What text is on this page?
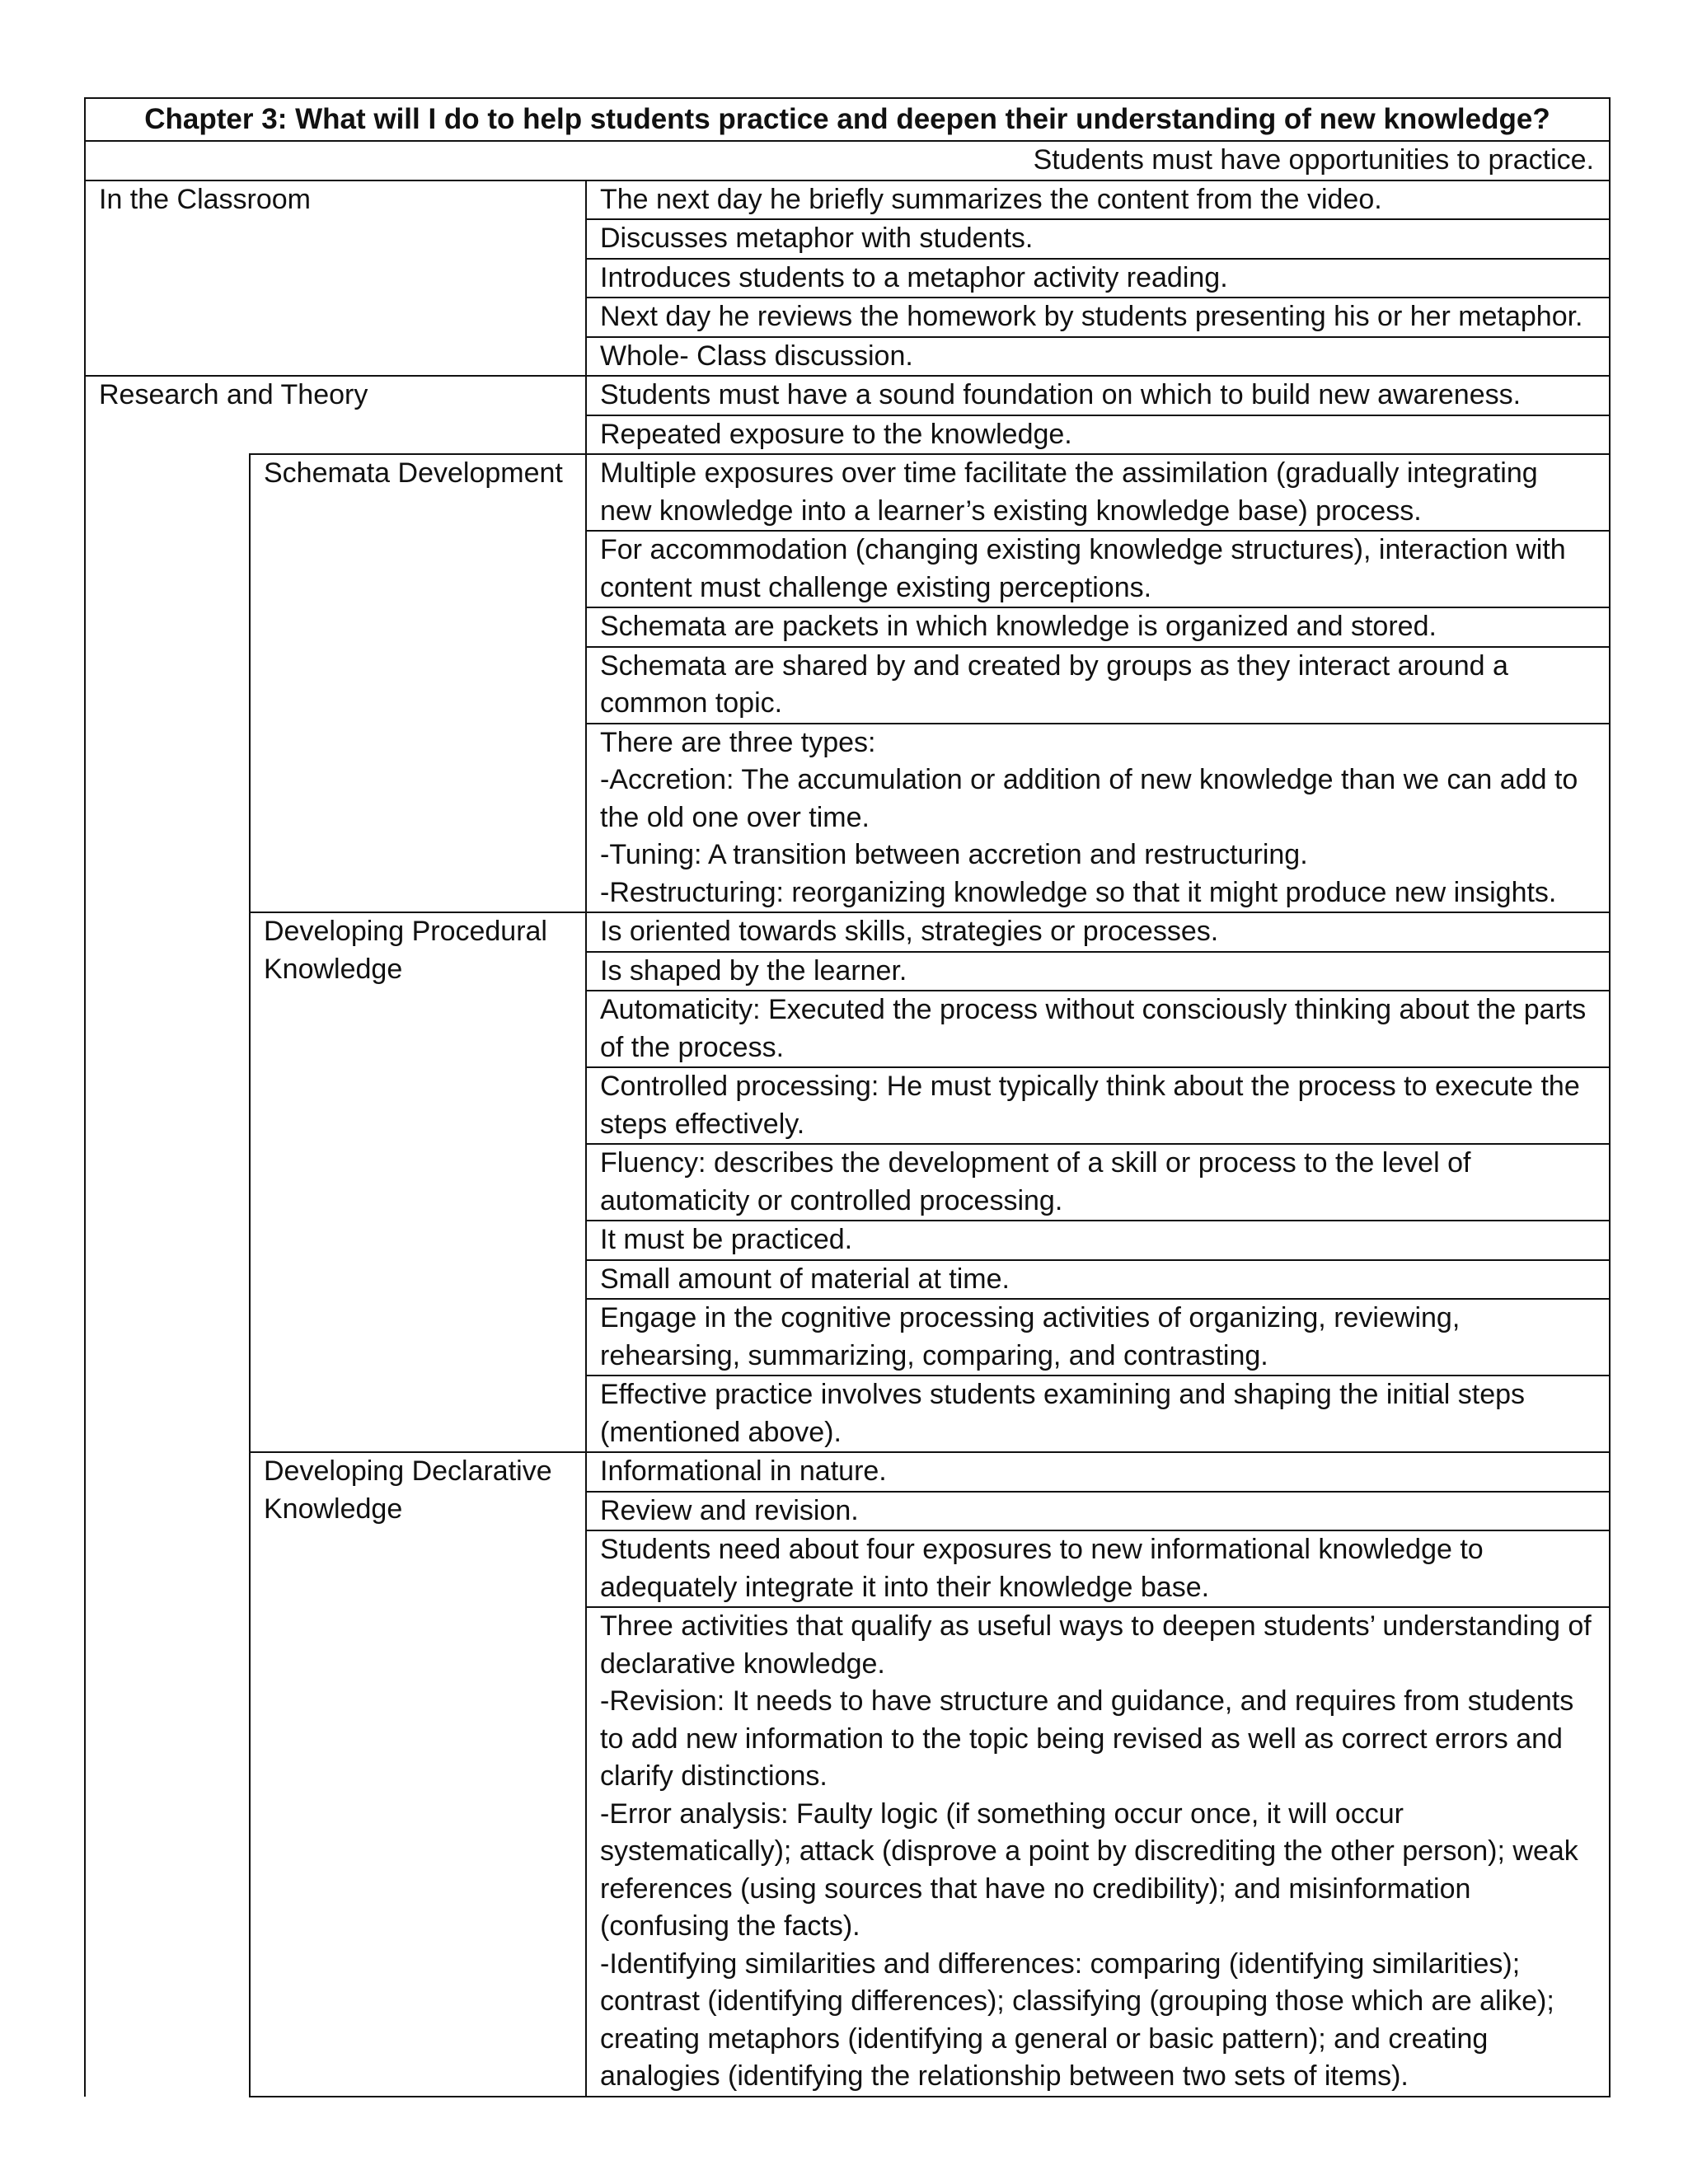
Chapter 3: What will I do to help students practice and deepen their understanding of new knowledge?		
Students must have opportunities to practice.		
In the Classroom		The next day he briefly summarizes the content from the video.
		Discusses metaphor with students.
		Introduces students to a metaphor activity reading.
		Next day he reviews the homework by students presenting his or her metaphor.
		Whole- Class discussion.
Research and Theory		Students must have a sound foundation on which to build new awareness.
		Repeated exposure to the knowledge.
	Schemata Development	Multiple exposures over time facilitate the assimilation (gradually integrating new knowledge into a learner’s existing knowledge base) process.
		For accommodation (changing existing knowledge structures), interaction with content must challenge existing perceptions.
		Schemata are packets in which knowledge is organized and stored.
		Schemata are shared by and created by groups as they interact around a common topic.

		There are three types:
-Accretion: The accumulation or addition of new knowledge than we can add to the old one over time.
-Tuning: A transition between accretion and restructuring.
-Restructuring: reorganizing knowledge so that it might produce new insights.

	Developing Procedural Knowledge	Is oriented towards skills, strategies or processes.
		Is shaped by the learner.
		Automaticity: Executed the process without consciously thinking about the parts of the process.
		Controlled processing: He must typically think about the process to execute the steps effectively.
		Fluency: describes the development of a skill or process to the level of automaticity or controlled processing.
		It must be practiced.
		Small amount of material at time.
		Engage in the cognitive processing activities of organizing, reviewing, rehearsing, summarizing, comparing, and contrasting.
		Effective practice involves students examining and shaping the initial steps (mentioned above).
	Developing Declarative Knowledge	Informational in nature.
		Review and revision.
		Students need about four exposures to new informational knowledge to adequately integrate it into their knowledge base.

		Three activities that qualify as useful ways to deepen students’ understanding of declarative knowledge.
-Revision: It needs to have structure and guidance, and requires from students to add new information to the topic being revised as well as correct errors and clarify distinctions.
-Error analysis: Faulty logic (if something occur once, it will occur systematically); attack (disprove a point by discrediting the other person); weak references (using sources that have no credibility); and misinformation (confusing the facts).
-Identifying similarities and differences: comparing (identifying similarities); contrast (identifying differences); classifying (grouping those which are alike); creating metaphors (identifying a general or basic pattern); and creating analogies (identifying the relationship between two sets of items).
